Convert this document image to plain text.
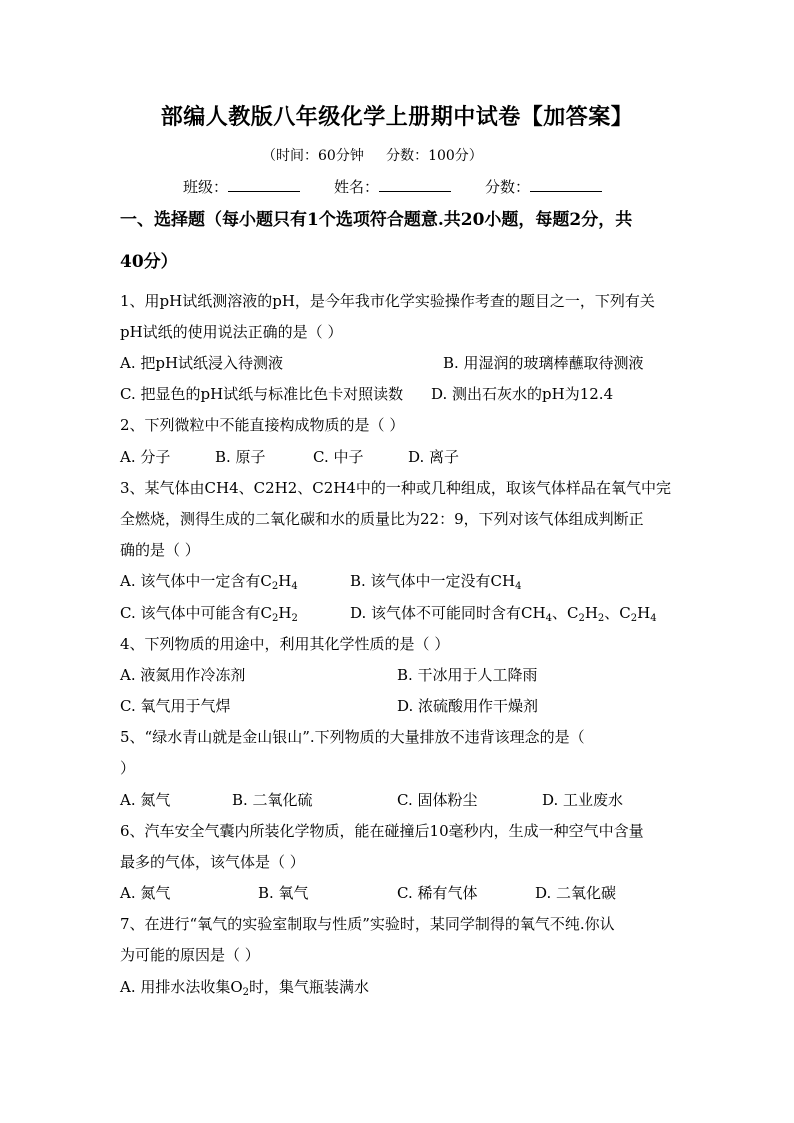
部编人教版八年级化学上册期中试卷【加答案】
（时间：60分钟     分数：100分）
班级：	姓名：	分数：
一、选择题（每小题只有1个选项符合题意.共20小题，每题2分，共
40分）
1、用pH试纸测溶液的pH，是今年我市化学实验操作考查的题目之一，下列有关
pH试纸的使用说法正确的是（ ）
A. 把pH试纸浸入待测液	B. 用湿润的玻璃棒蘸取待测液
C. 把显色的pH试纸与标准比色卡对照读数 D. 测出石灰水的pH为12.4
2、下列微粒中不能直接构成物质的是（ ）
A. 分子	B. 原子	C. 中子	D. 离子
3、某气体由CH4、C2H2、C2H4中的一种或几种组成，取该气体样品在氧气中完
全燃烧，测得生成的二氧化碳和水的质量比为22：9，下列对该气体组成判断正
确的是（ ）
A. 该气体中一定含有$C_2H_4$	B. 该气体中一定没有$CH_4$
C. 该气体中可能含有$C_2H_2$	D. 该气体不可能同时含有$CH_4$、$C_2H_2$、$C_2H_4$
4、下列物质的用途中，利用其化学性质的是（ ）
A. 液氮用作冷冻剂	B. 干冰用于人工降雨
C. 氧气用于气焊	D. 浓硫酸用作干燥剂
5、“绿水青山就是金山银山”.下列物质的大量排放不违背该理念的是（
）
A. 氮气	B. 二氧化硫	C. 固体粉尘	D. 工业废水
6、汽车安全气囊内所装化学物质，能在碰撞后10毫秒内，生成一种空气中含量
最多的气体，该气体是（ ）
A. 氮气	B. 氧气	C. 稀有气体	D. 二氧化碳
7、在进行“氧气的实验室制取与性质”实验时，某同学制得的氧气不纯.你认
为可能的原因是（ ）
A. 用排水法收集$O_2$时，集气瓶装满水
